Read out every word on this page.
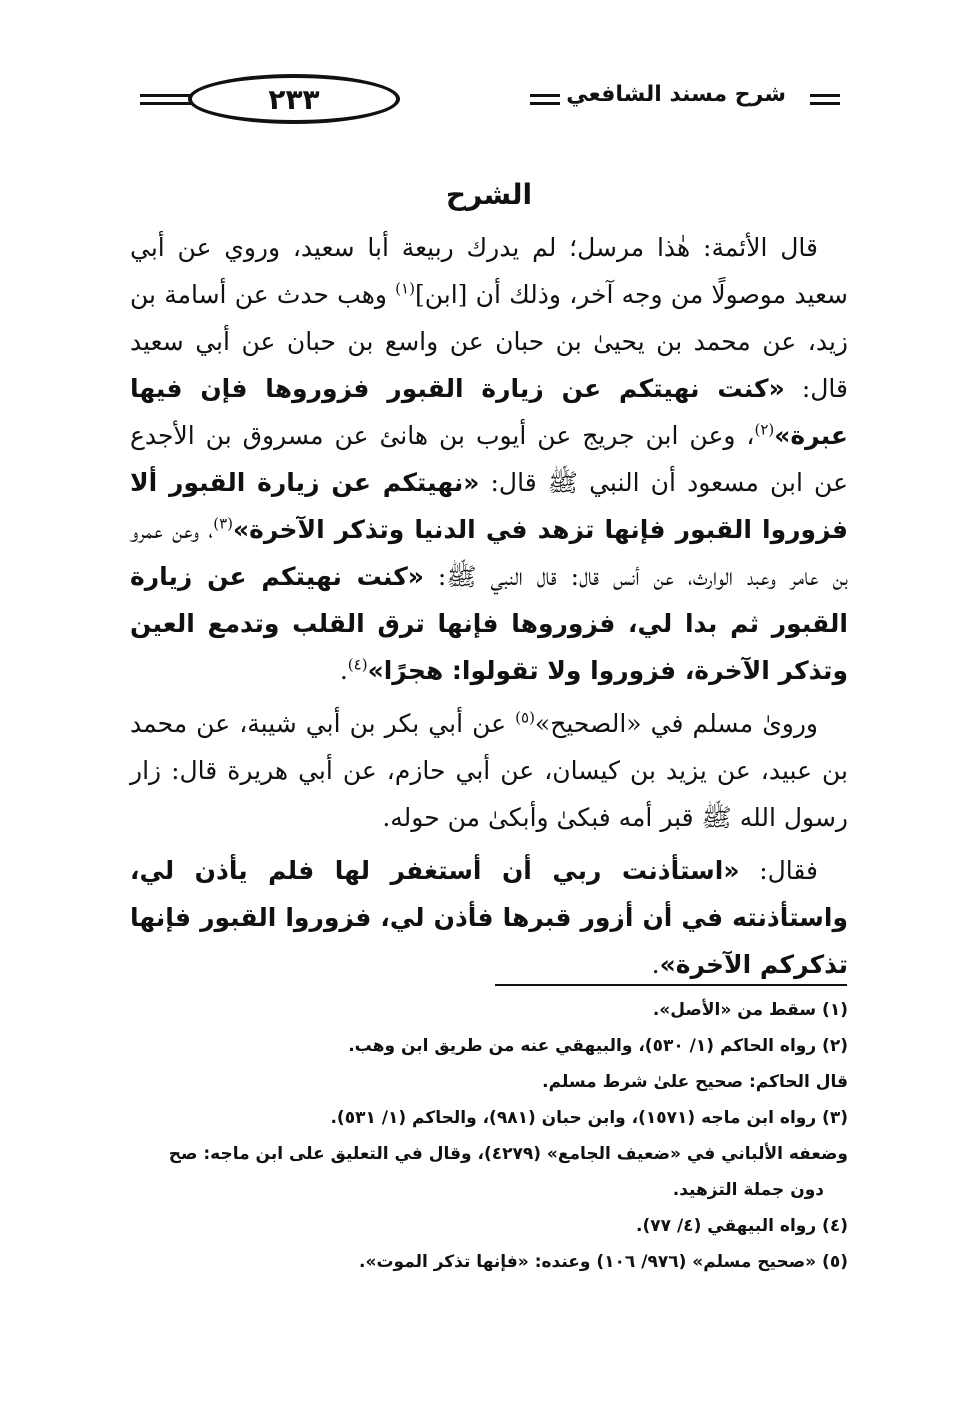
٢٣٣	شرح مسند الشافعي
الشرح

قال الأئمة: هٰذا مرسل؛ لم يدرك ربيعة أبا سعيد، وروي عن أبي سعيد موصولًا من وجه آخر، وذلك أن [ابن]$^{(١)}$ وهب حدث عن أسامة بن زيد، عن محمد بن يحيىٰ بن حبان عن واسع بن حبان عن أبي سعيد قال: «كنت نهيتكم عن زيارة القبور فزوروها فإن فيها عبرة»$^{(٢)}$، وعن ابن جريج عن أيوب بن هانئ عن مسروق بن الأجدع عن ابن مسعود أن النبي ﷺ قال: «نهيتكم عن زيارة القبور ألا فزوروا القبور فإنها تزهد في الدنيا وتذكر الآخرة»$^{(٣)}$، وعن عمرو بن عامر وعبد الوارث، عن أنس قال: قال النبي ﷺ: «كنت نهيتكم عن زيارة القبور ثم بدا لي، فزوروها فإنها ترق القلب وتدمع العين وتذكر الآخرة، فزوروا ولا تقولوا: هجرًا»$^{(٤)}$.

وروىٰ مسلم في «الصحيح»$^{(٥)}$ عن أبي بكر بن أبي شيبة، عن محمد بن عبيد، عن يزيد بن كيسان، عن أبي حازم، عن أبي هريرة قال: زار رسول الله ﷺ قبر أمه فبكىٰ وأبكىٰ من حوله.

فقال: «استأذنت ربي أن أستغفر لها فلم يأذن لي، واستأذنته في أن أزور قبرها فأذن لي، فزوروا القبور فإنها تذكركم الآخرة».

(١) سقط من «الأصل».

(٢) رواه الحاكم (١/ ٥٣٠)، والبيهقي عنه من طريق ابن وهب.

قال الحاكم: صحيح علىٰ شرط مسلم.

(٣) رواه ابن ماجه (١٥٧١)، وابن حبان (٩٨١)، والحاكم (١/ ٥٣١).

وضعفه الألباني في «ضعيف الجامع» (٤٢٧٩)، وقال في التعليق على ابن ماجه: صح

دون جملة التزهيد.

(٤) رواه البيهقي (٤/ ٧٧).

(٥) «صحيح مسلم» (٩٧٦/ ١٠٦) وعنده: «فإنها تذكر الموت».
